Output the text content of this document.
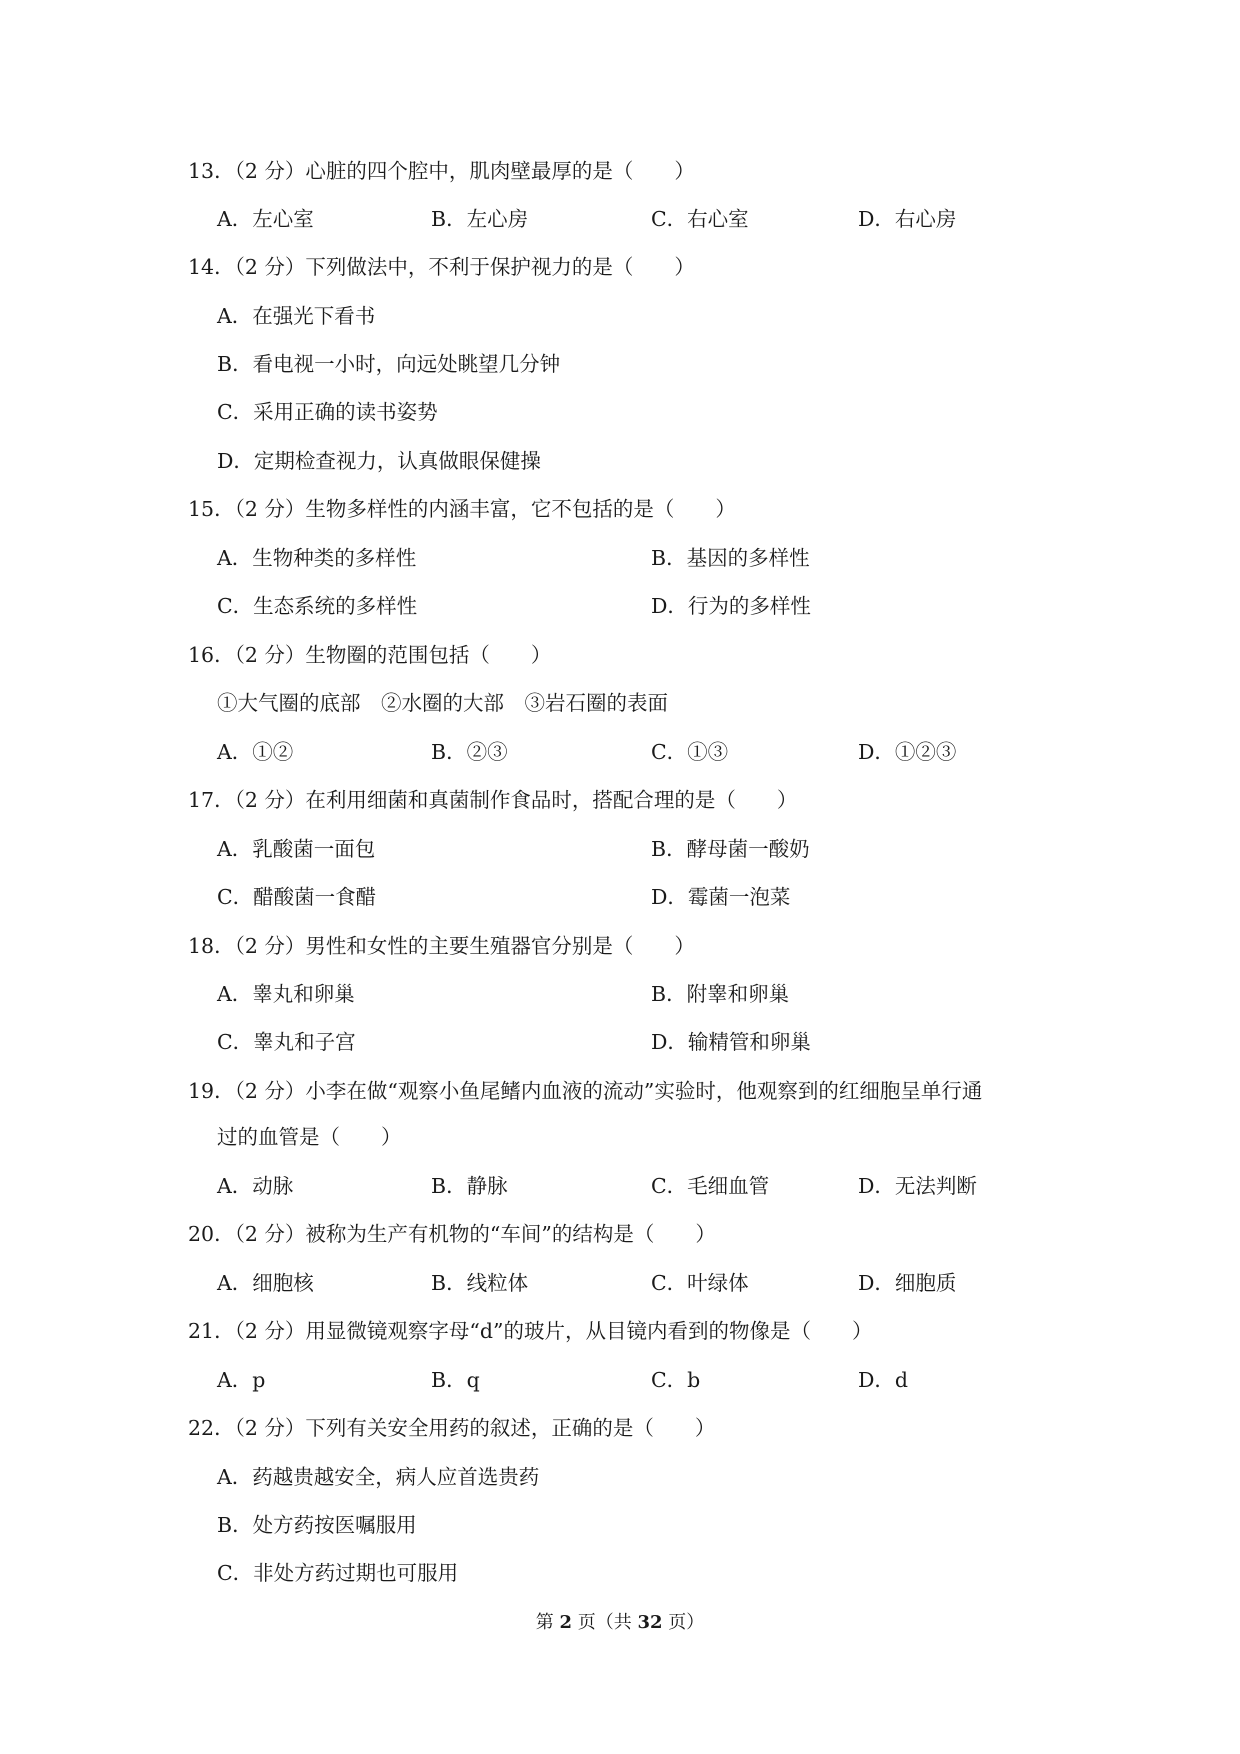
13．（2 分）心脏的四个腔中，肌肉壁最厚的是（　　）
A．左心室	B．左心房	C．右心室	D．右心房
14．（2 分）下列做法中，不利于保护视力的是（　　）
A．在强光下看书
B．看电视一小时，向远处眺望几分钟
C．采用正确的读书姿势
D．定期检查视力，认真做眼保健操
15．（2 分）生物多样性的内涵丰富，它不包括的是（　　）
A．生物种类的多样性	B．基因的多样性
C．生态系统的多样性	D．行为的多样性
16．（2 分）生物圈的范围包括（　　）
①大气圈的底部　②水圈的大部　③岩石圈的表面
A．①②	B．②③	C．①③	D．①②③
17．（2 分）在利用细菌和真菌制作食品时，搭配合理的是（　　）
A．乳酸菌一面包	B．酵母菌一酸奶
C．醋酸菌一食醋	D．霉菌一泡菜
18．（2 分）男性和女性的主要生殖器官分别是（　　）
A．睾丸和卵巢	B．附睾和卵巢
C．睾丸和子宫	D．输精管和卵巢
19．（2 分）小李在做“观察小鱼尾鳍内血液的流动”实验时，他观察到的红细胞呈单行通
过的血管是（　　）
A．动脉	B．静脉	C．毛细血管	D．无法判断
20．（2 分）被称为生产有机物的“车间”的结构是（　　）
A．细胞核	B．线粒体	C．叶绿体	D．细胞质
21．（2 分）用显微镜观察字母“d”的玻片，从目镜内看到的物像是（　　）
A．p	B．q	C．b	D．d
22．（2 分）下列有关安全用药的叙述，正确的是（　　）
A．药越贵越安全，病人应首选贵药
B．处方药按医嘱服用
C．非处方药过期也可服用
第 2 页（共 32 页）
